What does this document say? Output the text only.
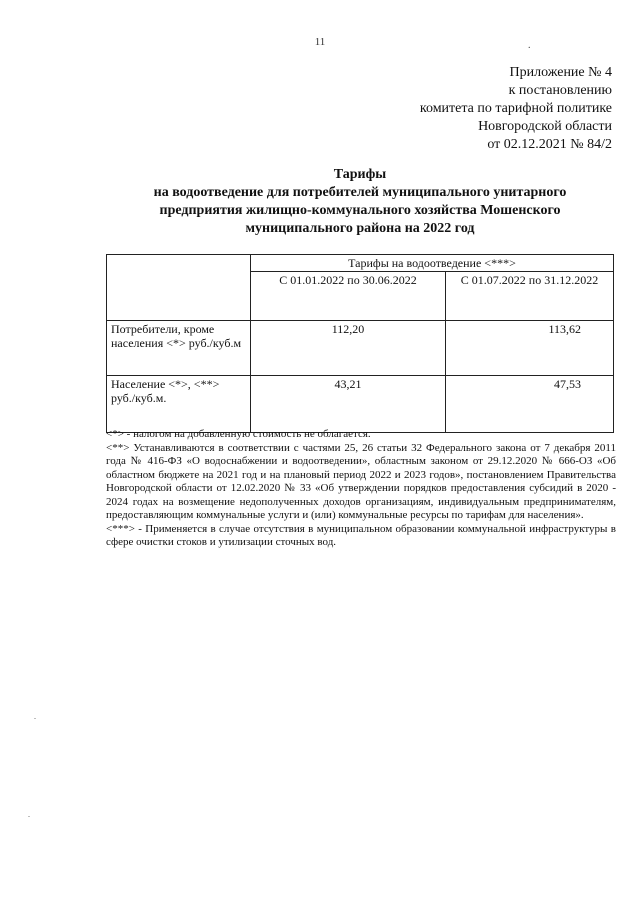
11	.
Приложение № 4
к постановлению
комитета по тарифной политике
Новгородской области
от 02.12.2021 № 84/2
Тарифы
на водоотведение для потребителей муниципального унитарного
предприятия жилищно-коммунального хозяйства Мошенского
муниципального района на 2022 год
	Тарифы на водоотведение <***>	
	С 01.01.2022 по 30.06.2022	С 01.07.2022 по 31.12.2022
Потребители, кроме населения <*> руб./куб.м	112,20	113,62
Население <*>, <**> руб./куб.м.	43,21	47,53

<*> - налогом на добавленную стоимость не облагается.

<**> Устанавливаются в соответствии с частями 25, 26 статьи 32 Федерального закона от 7 декабря 2011 года № 416-ФЗ «О водоснабжении и водоотведении», областным законом от 29.12.2020 № 666-ОЗ «Об областном бюджете на 2021 год и на плановый период 2022 и 2023 годов», постановлением Правительства Новгородской области от 12.02.2020 № 33 «Об утверждении порядков предоставления субсидий в 2020 - 2024 годах на возмещение недополученных доходов организациям, индивидуальным предпринимателям, предоставляющим коммунальные услуги и (или) коммунальные ресурсы по тарифам для населения».

<***> - Применяется в случае отсутствия в муниципальном образовании коммунальной инфраструктуры в сфере очистки стоков и утилизации сточных вод.

.
.
